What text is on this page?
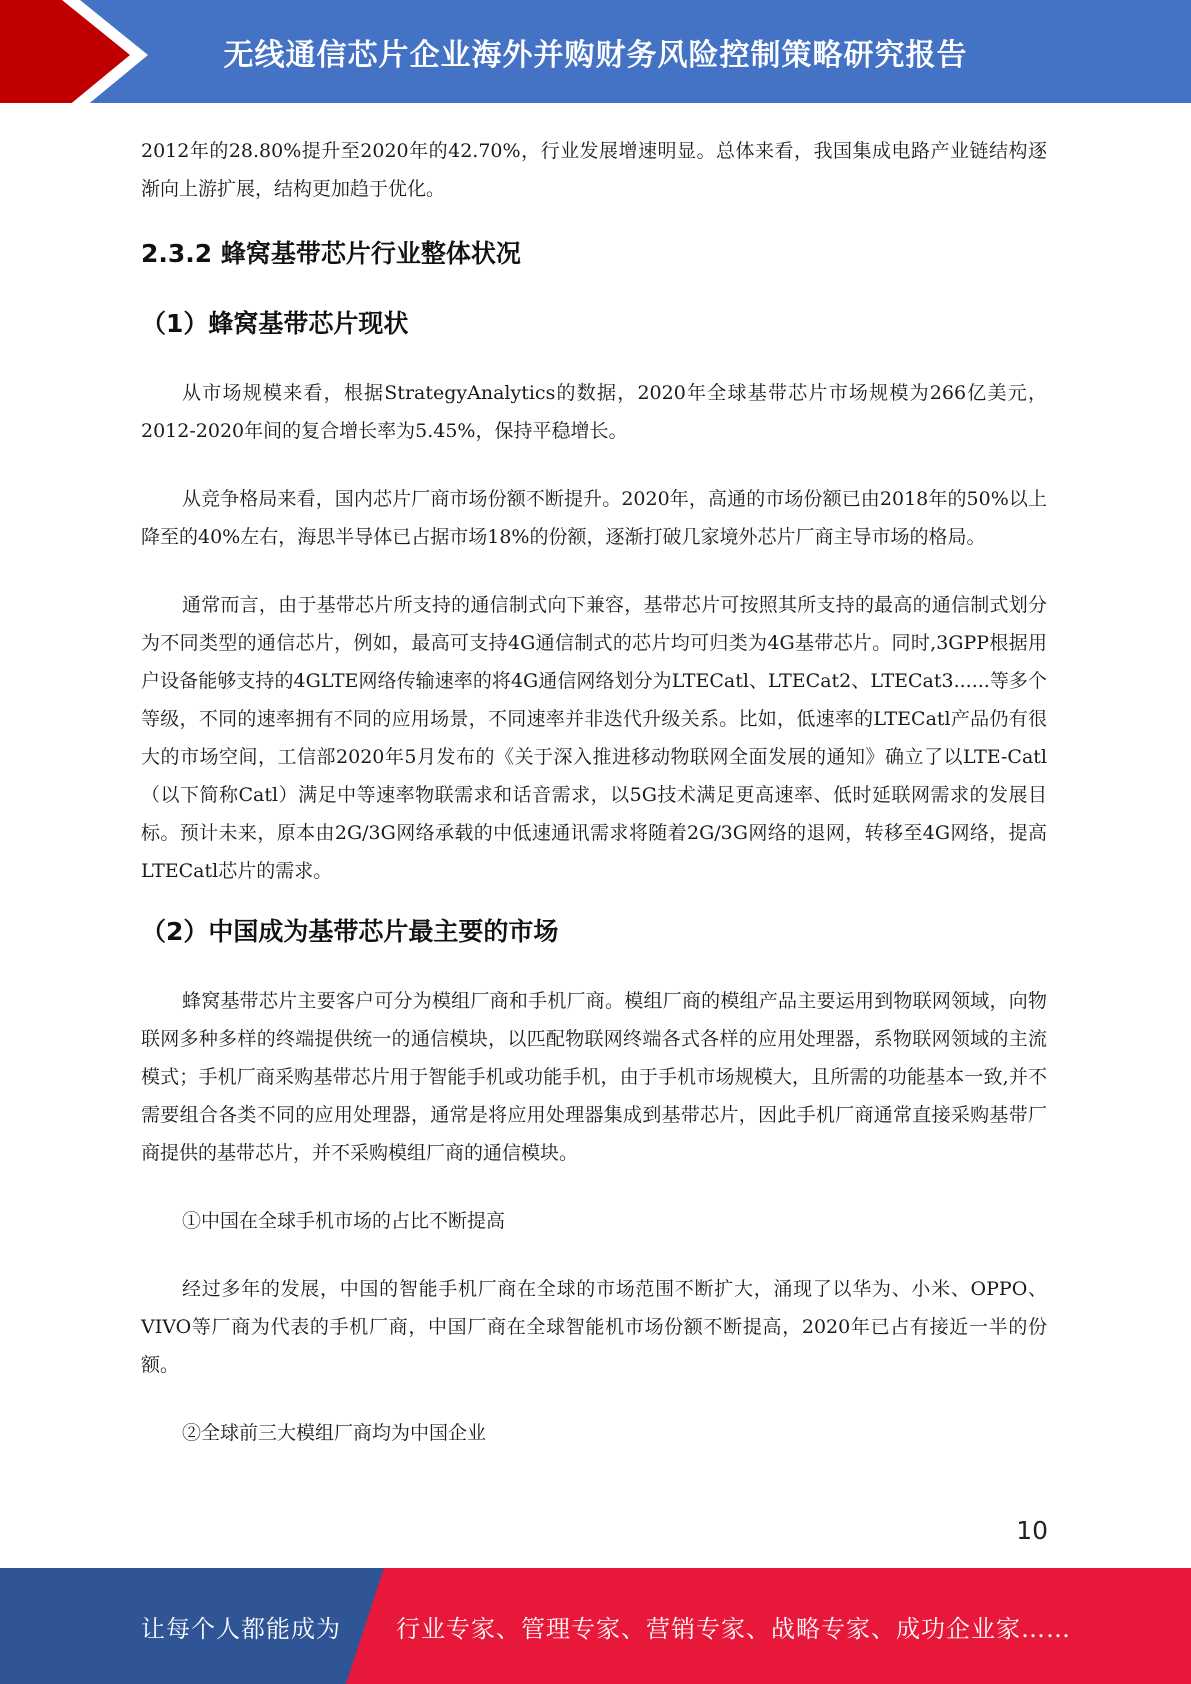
无线通信芯片企业海外并购财务风险控制策略研究报告

2012年的28.80%提升至2020年的42.70%，行业发展增速明显。总体来看，我国集成电路产业链结构逐渐向上游扩展，结构更加趋于优化。

2.3.2 蜂窝基带芯片行业整体状况
（1）蜂窝基带芯片现状

从市场规模来看，根据StrategyAnalytics的数据，2020年全球基带芯片市场规模为266亿美元，2012-2020年间的复合增长率为5.45%，保持平稳增长。

从竞争格局来看，国内芯片厂商市场份额不断提升。2020年，高通的市场份额已由2018年的50%以上降至的40%左右，海思半导体已占据市场18%的份额，逐渐打破几家境外芯片厂商主导市场的格局。

通常而言，由于基带芯片所支持的通信制式向下兼容，基带芯片可按照其所支持的最高的通信制式划分为不同类型的通信芯片，例如，最高可支持4G通信制式的芯片均可归类为4G基带芯片。同时,3GPP根据用户设备能够支持的4GLTE网络传输速率的将4G通信网络划分为LTECatl、LTECat2、LTECat3......等多个等级，不同的速率拥有不同的应用场景，不同速率并非迭代升级关系。比如，低速率的LTECatl产品仍有很大的市场空间，工信部2020年5月发布的《关于深入推进移动物联网全面发展的通知》确立了以LTE-Catl（以下简称Catl）满足中等速率物联需求和话音需求，以5G技术满足更高速率、低时延联网需求的发展目标。预计未来，原本由2G/3G网络承载的中低速通讯需求将随着2G/3G网络的退网，转移至4G网络，提高LTECatl芯片的需求。

（2）中国成为基带芯片最主要的市场

蜂窝基带芯片主要客户可分为模组厂商和手机厂商。模组厂商的模组产品主要运用到物联网领域，向物联网多种多样的终端提供统一的通信模块，以匹配物联网终端各式各样的应用处理器，系物联网领域的主流模式；手机厂商采购基带芯片用于智能手机或功能手机，由于手机市场规模大，且所需的功能基本一致,并不需要组合各类不同的应用处理器，通常是将应用处理器集成到基带芯片，因此手机厂商通常直接采购基带厂商提供的基带芯片，并不采购模组厂商的通信模块。

①中国在全球手机市场的占比不断提高

经过多年的发展，中国的智能手机厂商在全球的市场范围不断扩大，涌现了以华为、小米、OPPO、VIVO等厂商为代表的手机厂商，中国厂商在全球智能机市场份额不断提高，2020年已占有接近一半的份额。

②全球前三大模组厂商均为中国企业

10
让每个人都能成为 行业专家、管理专家、营销专家、战略专家、成功企业家……
